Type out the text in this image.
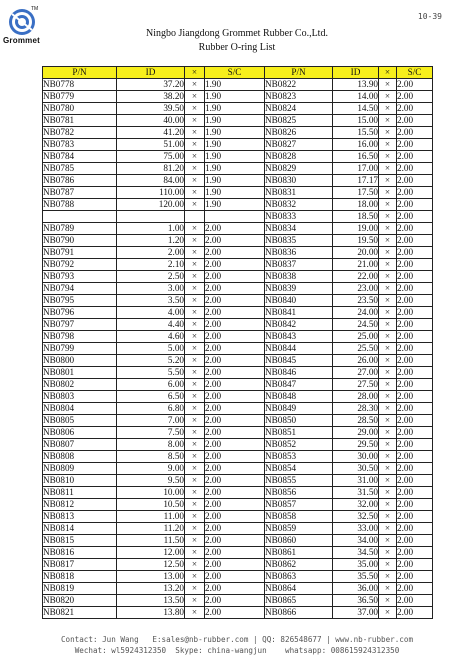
Grommet
TM
10-39
Ningbo Jiangdong Grommet Rubber Co.,Ltd.
Rubber O-ring List
P/N	ID	×	S/C	P/N	ID	×	S/C
NB0778	37.20	×	1.90	NB0822	13.90	×	2.00
NB0779	38.20	×	1.90	NB0823	14.00	×	2.00
NB0780	39.50	×	1.90	NB0824	14.50	×	2.00
NB0781	40.00	×	1.90	NB0825	15.00	×	2.00
NB0782	41.20	×	1.90	NB0826	15.50	×	2.00
NB0783	51.00	×	1.90	NB0827	16.00	×	2.00
NB0784	75.00	×	1.90	NB0828	16.50	×	2.00
NB0785	81.20	×	1.90	NB0829	17.00	×	2.00
NB0786	84.00	×	1.90	NB0830	17.17	×	2.00
NB0787	110.00	×	1.90	NB0831	17.50	×	2.00
NB0788	120.00	×	1.90	NB0832	18.00	×	2.00
				NB0833	18.50	×	2.00
NB0789	1.00	×	2.00	NB0834	19.00	×	2.00
NB0790	1.20	×	2.00	NB0835	19.50	×	2.00
NB0791	2.00	×	2.00	NB0836	20.00	×	2.00
NB0792	2.10	×	2.00	NB0837	21.00	×	2.00
NB0793	2.50	×	2.00	NB0838	22.00	×	2.00
NB0794	3.00	×	2.00	NB0839	23.00	×	2.00
NB0795	3.50	×	2.00	NB0840	23.50	×	2.00
NB0796	4.00	×	2.00	NB0841	24.00	×	2.00
NB0797	4.40	×	2.00	NB0842	24.50	×	2.00
NB0798	4.60	×	2.00	NB0843	25.00	×	2.00
NB0799	5.00	×	2.00	NB0844	25.50	×	2.00
NB0800	5.20	×	2.00	NB0845	26.00	×	2.00
NB0801	5.50	×	2.00	NB0846	27.00	×	2.00
NB0802	6.00	×	2.00	NB0847	27.50	×	2.00
NB0803	6.50	×	2.00	NB0848	28.00	×	2.00
NB0804	6.80	×	2.00	NB0849	28.30	×	2.00
NB0805	7.00	×	2.00	NB0850	28.50	×	2.00
NB0806	7.50	×	2.00	NB0851	29.00	×	2.00
NB0807	8.00	×	2.00	NB0852	29.50	×	2.00
NB0808	8.50	×	2.00	NB0853	30.00	×	2.00
NB0809	9.00	×	2.00	NB0854	30.50	×	2.00
NB0810	9.50	×	2.00	NB0855	31.00	×	2.00
NB0811	10.00	×	2.00	NB0856	31.50	×	2.00
NB0812	10.50	×	2.00	NB0857	32.00	×	2.00
NB0813	11.00	×	2.00	NB0858	32.50	×	2.00
NB0814	11.20	×	2.00	NB0859	33.00	×	2.00
NB0815	11.50	×	2.00	NB0860	34.00	×	2.00
NB0816	12.00	×	2.00	NB0861	34.50	×	2.00
NB0817	12.50	×	2.00	NB0862	35.00	×	2.00
NB0818	13.00	×	2.00	NB0863	35.50	×	2.00
NB0819	13.20	×	2.00	NB0864	36.00	×	2.00
NB0820	13.50	×	2.00	NB0865	36.50	×	2.00
NB0821	13.80	×	2.00	NB0866	37.00	×	2.00
Contact: Jun Wang E:sales@nb-rubber.com | QQ: 826548677 | www.nb-rubber.com
Wechat: wl5924312350 Skype: china-wangjun whatsapp: 008615924312350
